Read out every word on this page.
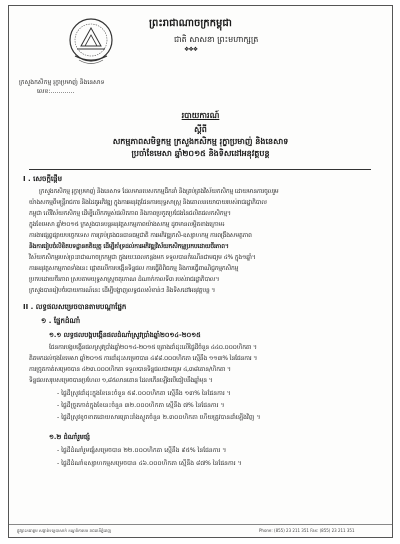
ព្រះរាជាណាចក្រកម្ពុជា
ជាតិ សាសនា ព្រះមហាក្សត្រ
❖❖❖
ក្រសួងកសិកម្ម រុក្ខាប្រមាញ់ និងនេសាទ
លេខ:…………
របាយការណ៍
ស្តីពី
សកម្មភាពសមិទ្ធកម្ម ក្រសួងកសិកម្ម រុក្ខាប្រមាញ់ និងនេសាទ
ប្រចាំខែមេសា ឆ្នាំ២០១៥ និងទិសដៅអនុវត្តបន្ត
I . សេចក្តីផ្តើម
ក្រសួងកសិកម្ម រុក្ខាប្រមាញ់ និងនេសាទ ដែលមានបេសកកម្មដឹកនាំ និងគ្រប់គ្រងវិស័យកសិកម្ម ដោយមានការចូលរួម
យ៉ាងសកម្មពីមន្ត្រីរាជការ និងដៃគូអភិវឌ្ឍ ក្នុងការអនុវត្តផែនការយុទ្ធសាស្ត្រ និងគោលនយោបាយរបស់រាជរដ្ឋាភិបាល
កម្ពុជា លើវិស័យកសិកម្ម ដើម្បីលើកកម្ពស់ផលិតភាព និងភាពប្រកួតប្រជែងនៃផលិតផលកសិកម្ម។
ក្នុងខែមេសា ឆ្នាំ២០១៥ ក្រសួងបានបន្តអនុវត្តសកម្មភាពយ៉ាងសកម្ម ដូចមានលម្អិតខាងក្រោម៖
ការងារផ្សព្វផ្សាយបច្ចេកទេស ការគ្រប់គ្រងធនធានធម្មជាតិ ការអភិវឌ្ឍកសិ-ឧស្សាហកម្ម ការពង្រឹងសមត្ថភាព
និងការរៀបចំលិខិតបទដ្ឋានគតិយុត្ត ដើម្បីគាំទ្រដល់ការអភិវឌ្ឍវិស័យកសិកម្មប្រកបដោយចីរភាព។
វិស័យកសិកម្មរបស់ព្រះរាជាណាចក្រកម្ពុជា ក្នុងរយៈពេលកន្លងមក ទទួលបានកំណើនជាមធ្យម ៤% ក្នុង១ឆ្នាំ។
ការអនុវត្តសកម្មភាពទាំងនេះ ផ្តោតលើការបង្កើនទិន្នផល ការធ្វើពិពិធកម្ម និងការធ្វើពាណិជ្ជកម្មកសិកម្ម
ប្រកបដោយចីរភាព ស្របតាមយុទ្ធសាស្ត្រចតុកោណ ដំណាក់កាលទី៣ របស់រាជរដ្ឋាភិបាល។
ក្រសួងបានរៀបចំរបាយការណ៍នេះ ដើម្បីបង្ហាញលទ្ធផលសំខាន់ៗ និងទិសដៅអនុវត្តបន្ត ។
II . លទ្ធផលសម្រេចបានតាមបណ្តាផ្នែក
១ . ផ្នែកដំណាំ
១.១ លទ្ធផលបង្កបង្កើនផលដំណាំស្រូវប្រាំងឆ្នាំ២០១៤-២០១៥
ផែនការបង្កបង្កើនផលស្រូវប្រាំងឆ្នាំ២០១៤-២០១៥ គ្រោងដាំដុះលើផ្ទៃដីចំនួន ៤៤០.០០០ហិកតា ។
គិតមកដល់ចុងខែមេសា ឆ្នាំ២០១៥ ការដាំដុះសម្រេចបាន ៤៩៨.០០០ហិកតា ស្មើនឹង ១១៣% នៃផែនការ ។
ការច្រូតកាត់សម្រេចបាន ៤២៣.០០០ហិកតា ទទួលបានទិន្នផលជាមធ្យម ៤,៣៨តោន/ហិកតា ។
ទិន្នផលសរុបសម្រេចបានប្រហែល ១,៨៥លានតោន ដែលកើនឡើងបើធៀបនឹងឆ្នាំមុន ។
- ផ្ទៃដីស្រូវដាំដុះក្នុងខែនេះចំនួន ៥៨.០០០ហិកតា ស្មើនឹង ១៣% នៃផែនការ ។
- ផ្ទៃដីច្រូតកាត់ក្នុងខែនេះចំនួន ៣២.០០០ហិកតា ស្មើនឹង ៧% នៃផែនការ ។
- ផ្ទៃដីស្រូវខូចខាតដោយសារគ្រោះរាំងស្ងួតចំនួន ២.៣០០ហិកតា ហើយត្រូវបានដាំឡើងវិញ ។
១.២ ដំណាំរួមផ្សំ
- ផ្ទៃដីដំណាំរួមផ្សំសម្រេចបាន ២២.០០០ហិកតា ស្មើនឹង ៩៥% នៃផែនការ ។
- ផ្ទៃដីដំណាំឧស្សាហកម្មសម្រេចបាន ៤៦.០០០ហិកតា ស្មើនឹង ៨៧% នៃផែនការ ។
ផ្លូវព្រះនរោត្តម សង្កាត់ទន្លេបាសាក់ ខណ្ឌចំការមន រាជធានីភ្នំពេញ	Phone: (855) 23 211 351 Fax: (855) 23 211 351
